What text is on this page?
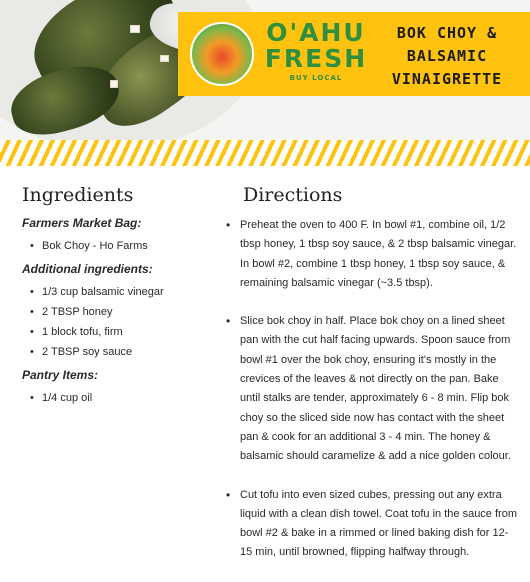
O'AHU
FRESH
BUY LOCAL
BOK CHOY &
BALSAMIC
VINAIGRETTE
Ingredients
Farmers Market Bag:
• Bok Choy - Ho Farms
Additional ingredients:
• 1/3 cup balsamic vinegar
• 2 TBSP honey
• 1 block tofu, firm
• 2 TBSP soy sauce
Pantry Items:
• 1/4 cup oil
Directions
• Preheat the oven to 400 F. In bowl #1, combine oil, 1/2 tbsp honey, 1 tbsp soy sauce, & 2 tbsp balsamic vinegar. In bowl #2, combine 1 tbsp honey, 1 tbsp soy sauce, & remaining balsamic vinegar (~3.5 tbsp).
• Slice bok choy in half. Place bok choy on a lined sheet pan with the cut half facing upwards. Spoon sauce from bowl #1 over the bok choy, ensuring it's mostly in the crevices of the leaves & not directly on the pan. Bake until stalks are tender, approximately 6 - 8 min. Flip bok choy so the sliced side now has contact with the sheet pan & cook for an additional 3 - 4 min. The honey & balsamic should caramelize & add a nice golden colour.
• Cut tofu into even sized cubes, pressing out any extra liquid with a clean dish towel. Coat tofu in the sauce from bowl #2 & bake in a rimmed or lined baking dish for 12-15 min, until browned, flipping halfway through.
